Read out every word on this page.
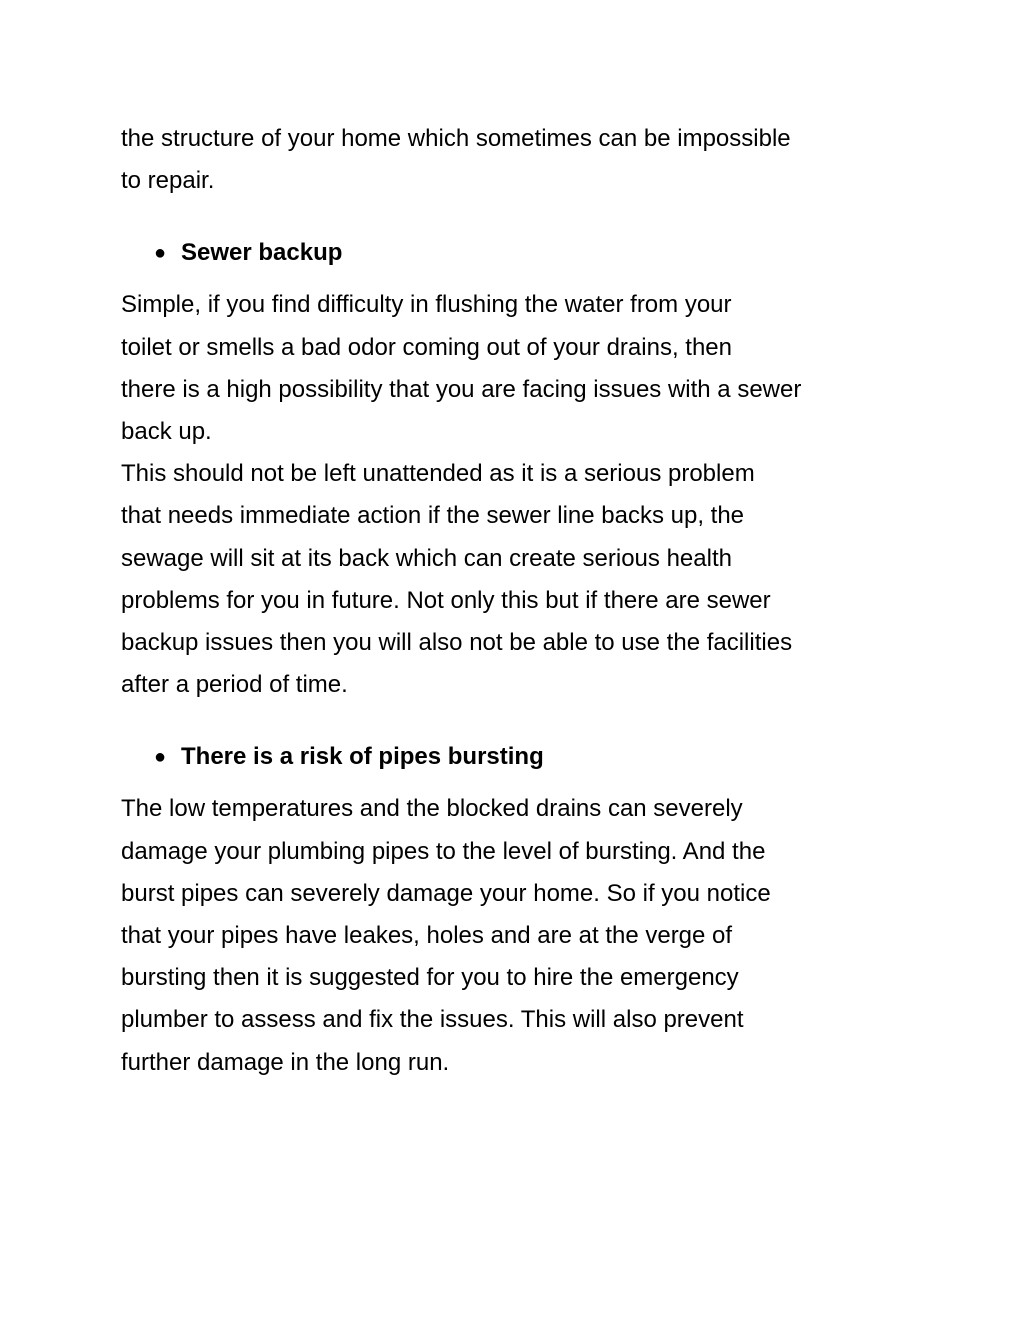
the structure of your home which sometimes can be impossible

to repair.

● Sewer backup

Simple, if you find difficulty in flushing the water from your

toilet or smells a bad odor coming out of your drains, then

there is a high possibility that you are facing issues with a sewer

back up.

This should not be left unattended as it is a serious problem

that needs immediate action if the sewer line backs up, the

sewage will sit at its back which can create serious health

problems for you in future. Not only this but if there are sewer

backup issues then you will also not be able to use the facilities

after a period of time.

● There is a risk of pipes bursting

The low temperatures and the blocked drains can severely

damage your plumbing pipes to the level of bursting. And the

burst pipes can severely damage your home. So if you notice

that your pipes have leakes, holes and are at the verge of

bursting then it is suggested for you to hire the emergency

plumber to assess and fix the issues. This will also prevent

further damage in the long run.
